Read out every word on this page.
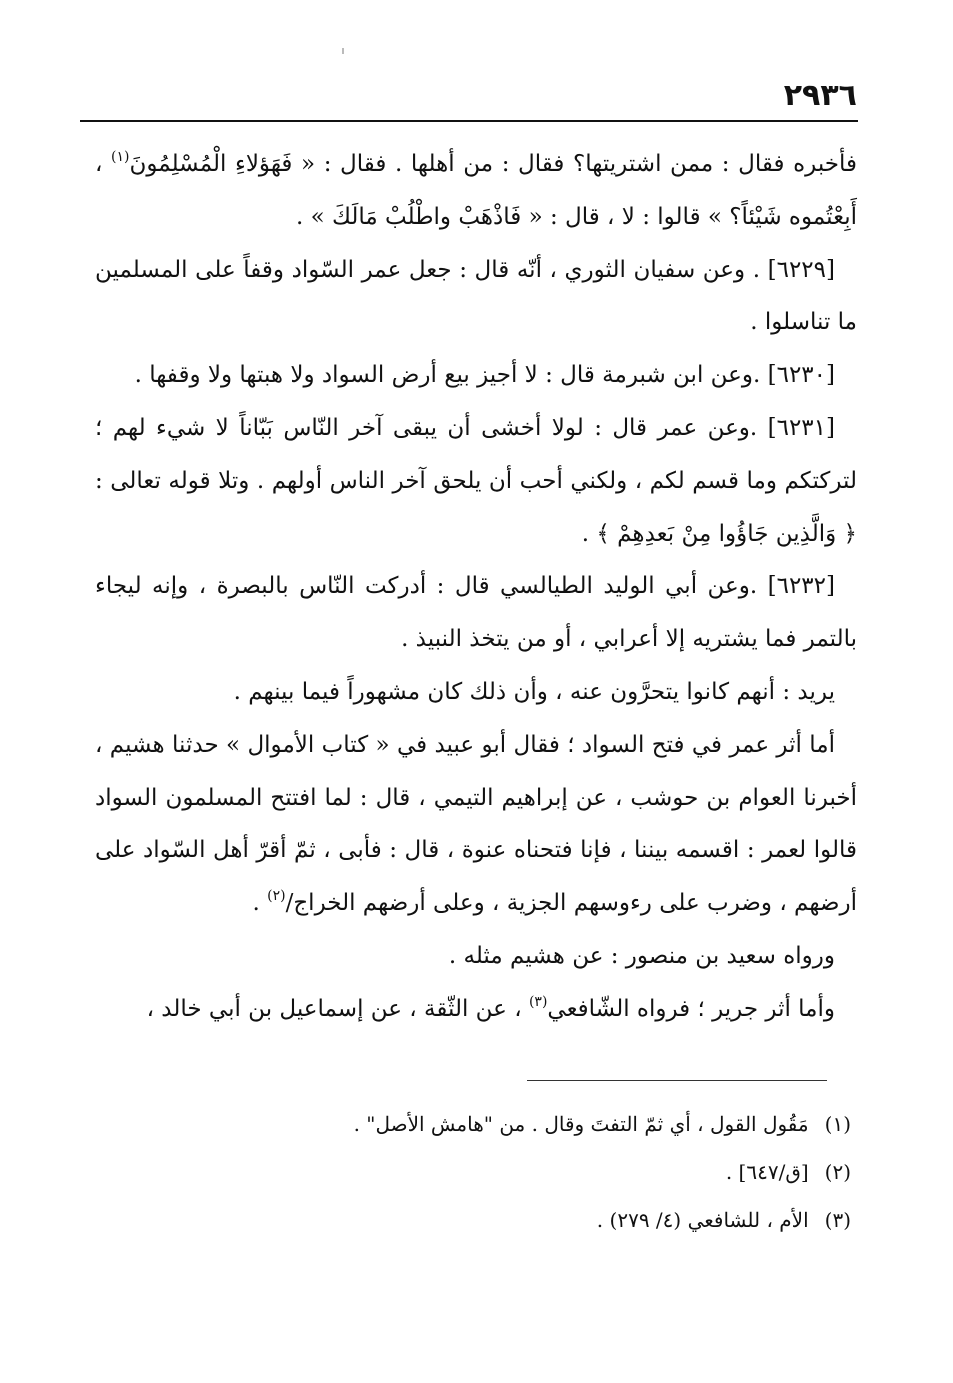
٢٩٣٦

فأخبره فقال : ممن اشتريتها؟ فقال : من أهلها . فقال : « فَهَؤلاءِ الْمُسْلِمُونَ$^{(١)}$ ، أَبِعْتُموه شَيْئاً؟ » قالوا : لا ، قال : « فَاذْهَبْ واطْلُبْ مَالَكَ » .

[٦٢٢٩] . وعن سفيان الثوري ، أنّه قال : جعل عمر السّواد وقفاً على المسلمين ما تناسلوا .

[٦٢٣٠] .وعن ابن شبرمة قال : لا أجيز بيع أرض السواد ولا هبتها ولا وقفها .

[٦٢٣١] .وعن عمر قال : لولا أخشى أن يبقى آخر النّاس بَبّاناً لا شيء لهم ؛ لتركتكم وما قسم لكم ، ولكني أحب أن يلحق آخر الناس أولهم . وتلا قوله تعالى : ﴿ وَالَّذِين جَاؤُوا مِنْ بَعدِهِمْ ﴾ .

[٦٢٣٢] .وعن أبي الوليد الطيالسي قال : أدركت النّاس بالبصرة ، وإنه ليجاء بالتمر فما يشتريه إلا أعرابي ، أو من يتخذ النبيذ .

يريد : أنهم كانوا يتحرَّون عنه ، وأن ذلك كان مشهوراً فيما بينهم .

أما أثر عمر في فتح السواد ؛ فقال أبو عبيد في « كتاب الأموال » حدثنا هشيم ، أخبرنا العوام بن حوشب ، عن إبراهيم التيمي ، قال : لما افتتح المسلمون السواد قالوا لعمر : اقسمه بيننا ، فإنا فتحناه عنوة ، قال : فأبى ، ثمّ أقرّ أهل السّواد على أرضهم ، وضرب على رءوسهم الجزية ، وعلى أرضهم الخراج/$^{(٢)}$ .

ورواه سعيد بن منصور : عن هشيم مثله .

وأما أثر جرير ؛ فرواه الشّافعي$^{(٣)}$ ، عن الثّقة ، عن إسماعيل بن أبي خالد ،

(١) مَقُول القول ، أي ثمّ التفتَ وقال . من "هامش الأصل" .

(٢) [ق/٦٤٧] .

(٣) الأم ، للشافعي (٤/ ٢٧٩) .
